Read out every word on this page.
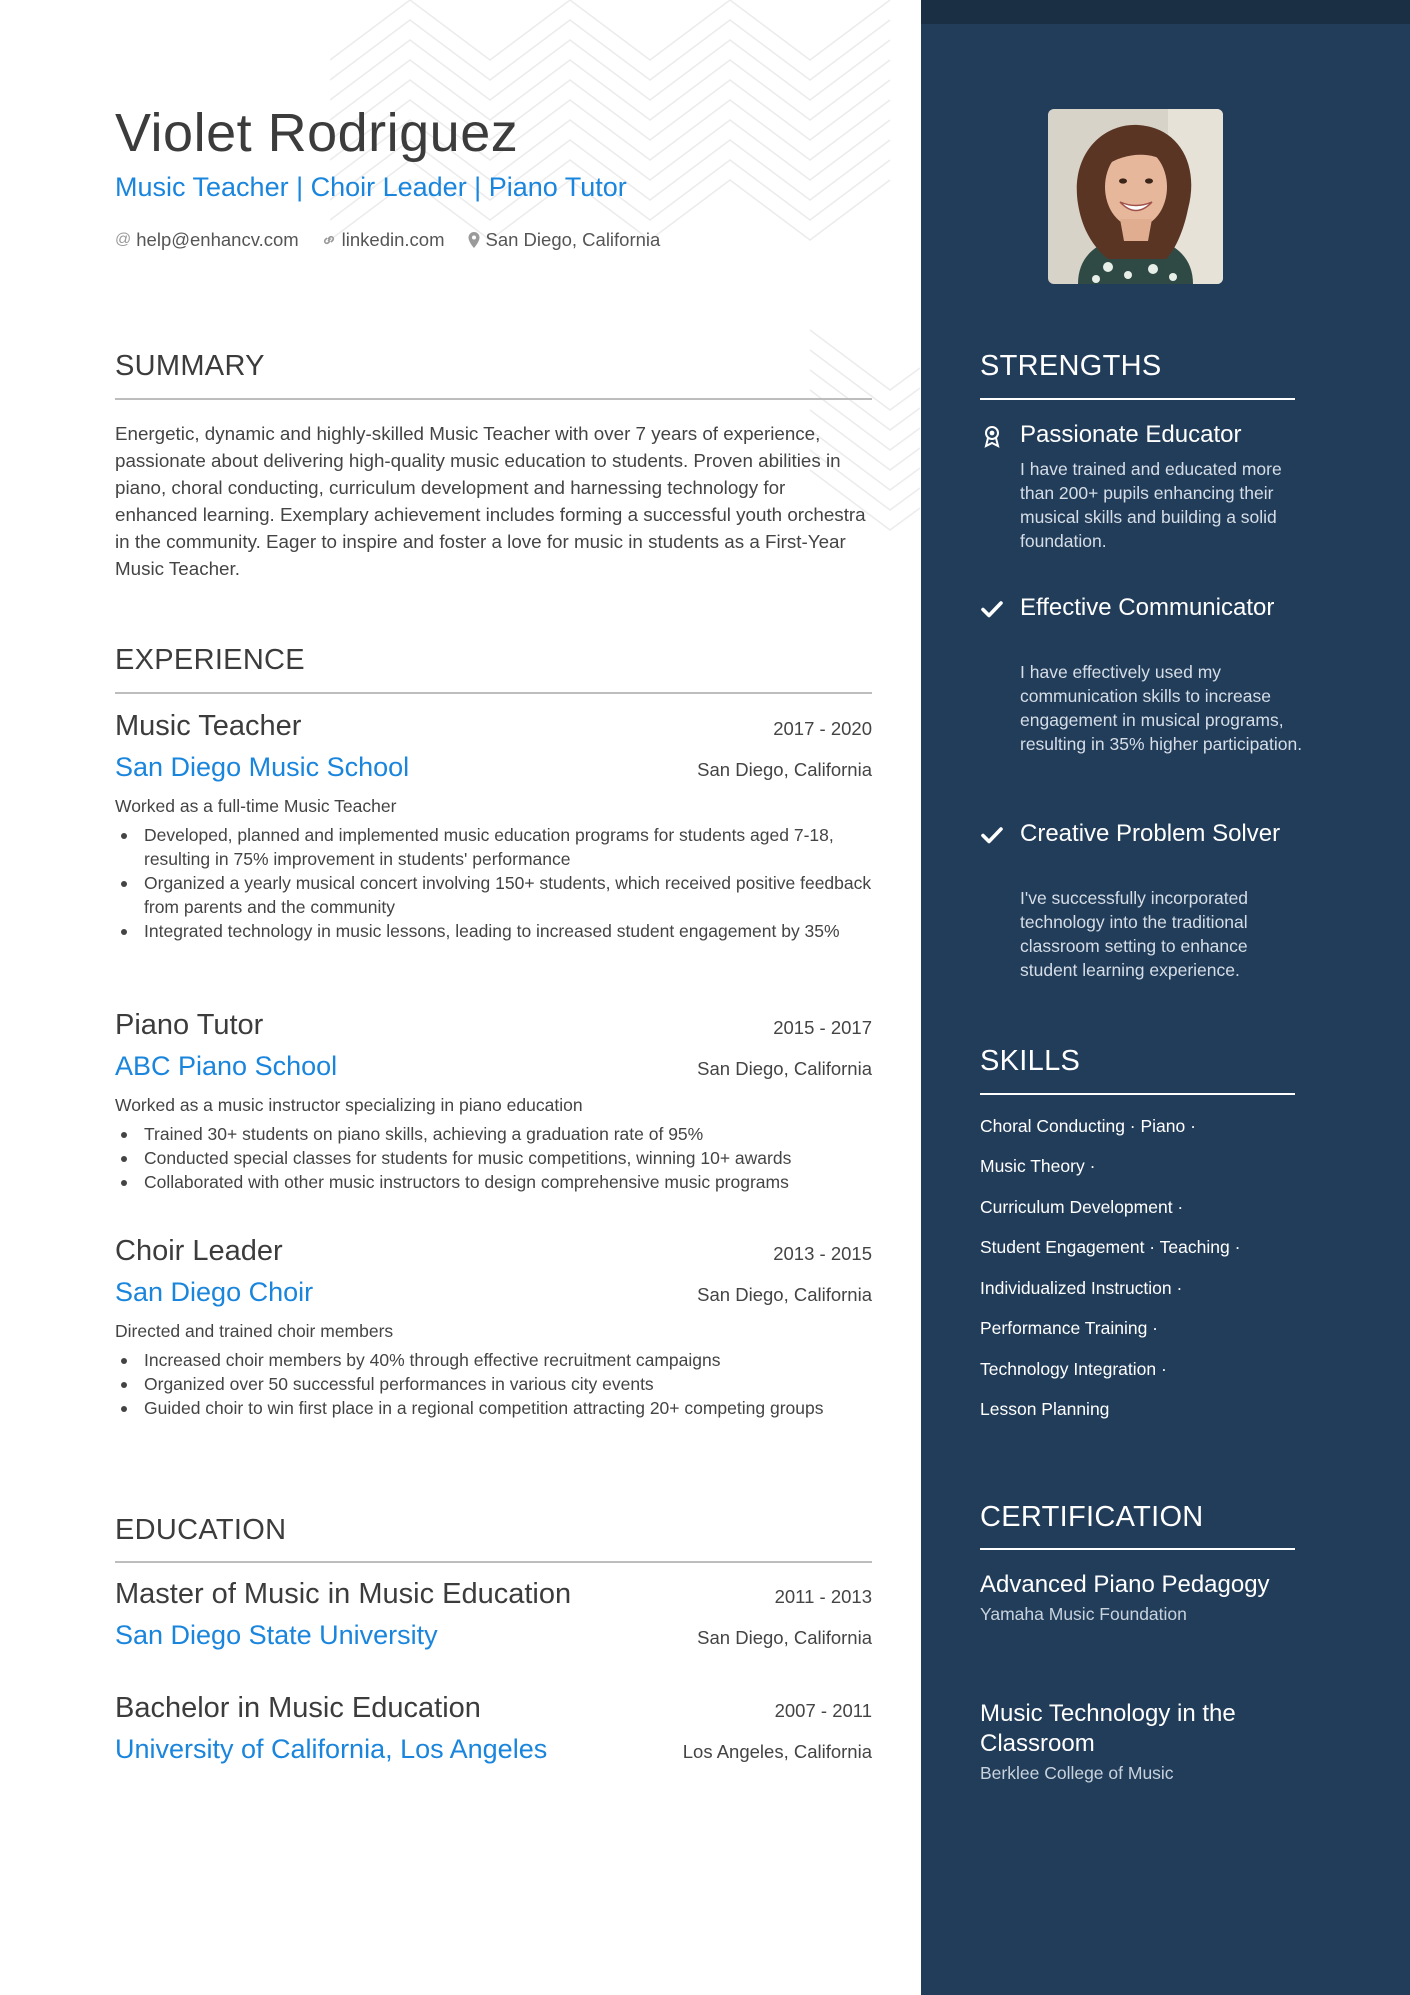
Violet Rodriguez
Music Teacher | Choir Leader | Piano Tutor
@ help@enhancv.com linkedin.com San Diego, California
SUMMARY
Energetic, dynamic and highly-skilled Music Teacher with over 7 years of experience, passionate about delivering high-quality music education to students. Proven abilities in piano, choral conducting, curriculum development and harnessing technology for enhanced learning. Exemplary achievement includes forming a successful youth orchestra in the community. Eager to inspire and foster a love for music in students as a First-Year Music Teacher.
EXPERIENCE
Music Teacher	2017 - 2020
San Diego Music School	San Diego, California
Worked as a full-time Music Teacher
Developed, planned and implemented music education programs for students aged 7-18, resulting in 75% improvement in students' performance
Organized a yearly musical concert involving 150+ students, which received positive feedback from parents and the community
Integrated technology in music lessons, leading to increased student engagement by 35%
Piano Tutor	2015 - 2017
ABC Piano School	San Diego, California
Worked as a music instructor specializing in piano education
Trained 30+ students on piano skills, achieving a graduation rate of 95%
Conducted special classes for students for music competitions, winning 10+ awards
Collaborated with other music instructors to design comprehensive music programs
Choir Leader	2013 - 2015
San Diego Choir	San Diego, California
Directed and trained choir members
Increased choir members by 40% through effective recruitment campaigns
Organized over 50 successful performances in various city events
Guided choir to win first place in a regional competition attracting 20+ competing groups
EDUCATION
Master of Music in Music Education	2011 - 2013
San Diego State University	San Diego, California
Bachelor in Music Education	2007 - 2011
University of California, Los Angeles	Los Angeles, California
STRENGTHS
Passionate Educator
I have trained and educated more than 200+ pupils enhancing their musical skills and building a solid foundation.
Effective Communicator
I have effectively used my communication skills to increase engagement in musical programs, resulting in 35% higher participation.
Creative Problem Solver
I've successfully incorporated technology into the traditional classroom setting to enhance student learning experience.
SKILLS
Choral Conducting · Piano ·
Music Theory ·
Curriculum Development ·
Student Engagement · Teaching ·
Individualized Instruction ·
Performance Training ·
Technology Integration ·
Lesson Planning
CERTIFICATION
Advanced Piano Pedagogy
Yamaha Music Foundation
Music Technology in the Classroom
Berklee College of Music
